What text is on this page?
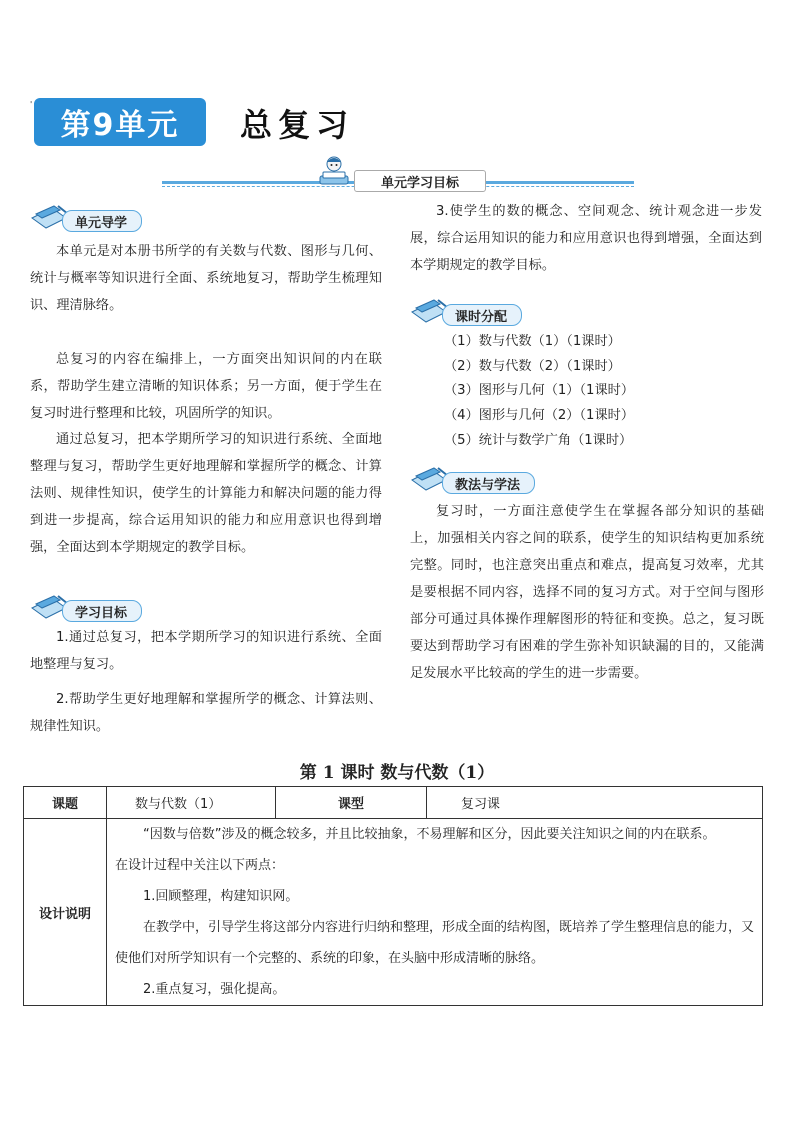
'
第9单元	总复习
单元学习目标
单元导学

本单元是对本册书所学的有关数与代数、图形与几何、统计与概率等知识进行全面、系统地复习，帮助学生梳理知识、理清脉络。

总复习的内容在编排上，一方面突出知识间的内在联系，帮助学生建立清晰的知识体系；另一方面，便于学生在复习时进行整理和比较，巩固所学的知识。

通过总复习，把本学期所学习的知识进行系统、全面地整理与复习，帮助学生更好地理解和掌握所学的概念、计算法则、规律性知识，使学生的计算能力和解决问题的能力得到进一步提高，综合运用知识的能力和应用意识也得到增强，全面达到本学期规定的教学目标。

学习目标

1.通过总复习，把本学期所学习的知识进行系统、全面地整理与复习。

2.帮助学生更好地理解和掌握所学的概念、计算法则、规律性知识。

3.使学生的数的概念、空间观念、统计观念进一步发展，综合运用知识的能力和应用意识也得到增强，全面达到本学期规定的教学目标。

课时分配

（1）数与代数（1）（1课时）

（2）数与代数（2）（1课时）

（3）图形与几何（1）（1课时）

（4）图形与几何（2）（1课时）

（5）统计与数学广角（1课时）

教法与学法

复习时，一方面注意使学生在掌握各部分知识的基础上，加强相关内容之间的联系，使学生的知识结构更加系统完整。同时，也注意突出重点和难点，提高复习效率，尤其是要根据不同内容，选择不同的复习方式。对于空间与图形部分可通过具体操作理解图形的特征和变换。总之，复习既要达到帮助学习有困难的学生弥补知识缺漏的目的，又能满足发展水平比较高的学生的进一步需要。

第 1 课时 数与代数（1）
课题	数与代数（1）	课型	复习课
设计说明	“因数与倍数”涉及的概念较多，并且比较抽象，不易理解和区分，因此要关注知识之间的内在联系。

在设计过程中关注以下两点：

1.回顾整理，构建知识网。

在教学中，引导学生将这部分内容进行归纳和整理，形成全面的结构图，既培养了学生整理信息的能力，又使他们对所学知识有一个完整的、系统的印象，在头脑中形成清晰的脉络。

2.重点复习，强化提高。		
